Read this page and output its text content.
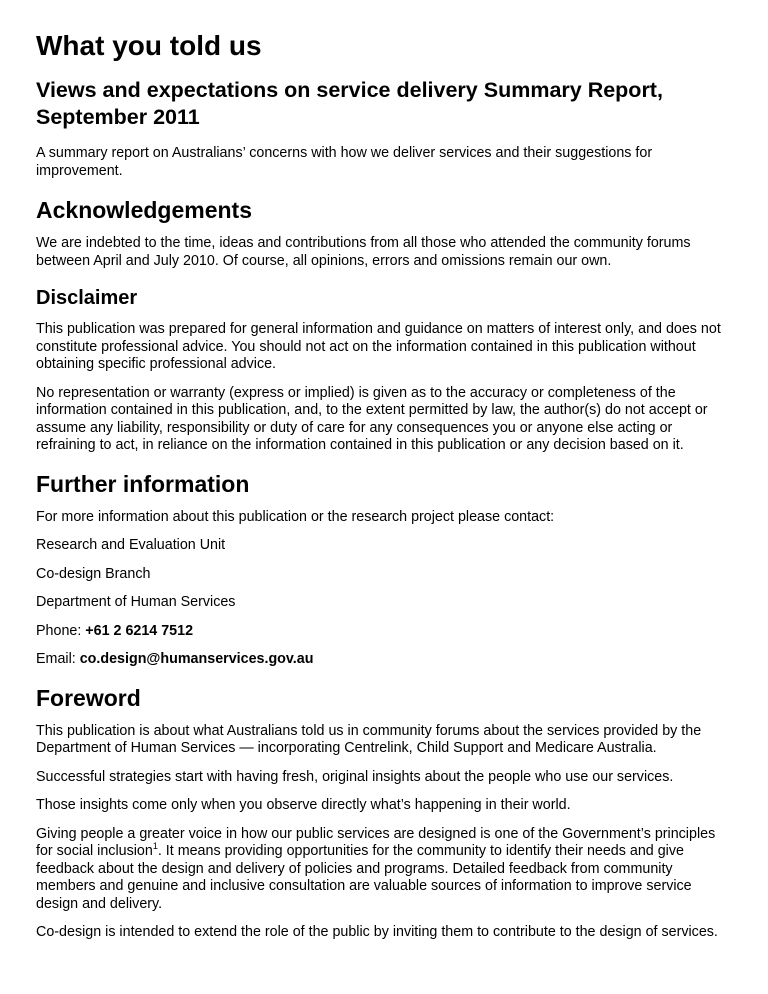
What you told us
Views and expectations on service delivery Summary Report, September 2011

A summary report on Australians’ concerns with how we deliver services and their suggestions for improvement.

Acknowledgements

We are indebted to the time, ideas and contributions from all those who attended the community forums between April and July 2010. Of course, all opinions, errors and omissions remain our own.

Disclaimer

This publication was prepared for general information and guidance on matters of interest only, and does not constitute professional advice. You should not act on the information contained in this publication without obtaining specific professional advice.

No representation or warranty (express or implied) is given as to the accuracy or completeness of the information contained in this publication, and, to the extent permitted by law, the author(s) do not accept or assume any liability, responsibility or duty of care for any consequences you or anyone else acting or refraining to act, in reliance on the information contained in this publication or any decision based on it.

Further information

For more information about this publication or the research project please contact:

Research and Evaluation Unit

Co-design Branch

Department of Human Services

Phone: +61 2 6214 7512

Email: co.design@humanservices.gov.au

Foreword

This publication is about what Australians told us in community forums about the services provided by the Department of Human Services — incorporating Centrelink, Child Support and Medicare Australia.

Successful strategies start with having fresh, original insights about the people who use our services.

Those insights come only when you observe directly what’s happening in their world.

Giving people a greater voice in how our public services are designed is one of the Government’s principles for social inclusion$^1$. It means providing opportunities for the community to identify their needs and give feedback about the design and delivery of policies and programs. Detailed feedback from community members and genuine and inclusive consultation are valuable sources of information to improve service design and delivery.

Co-design is intended to extend the role of the public by inviting them to contribute to the design of services.
